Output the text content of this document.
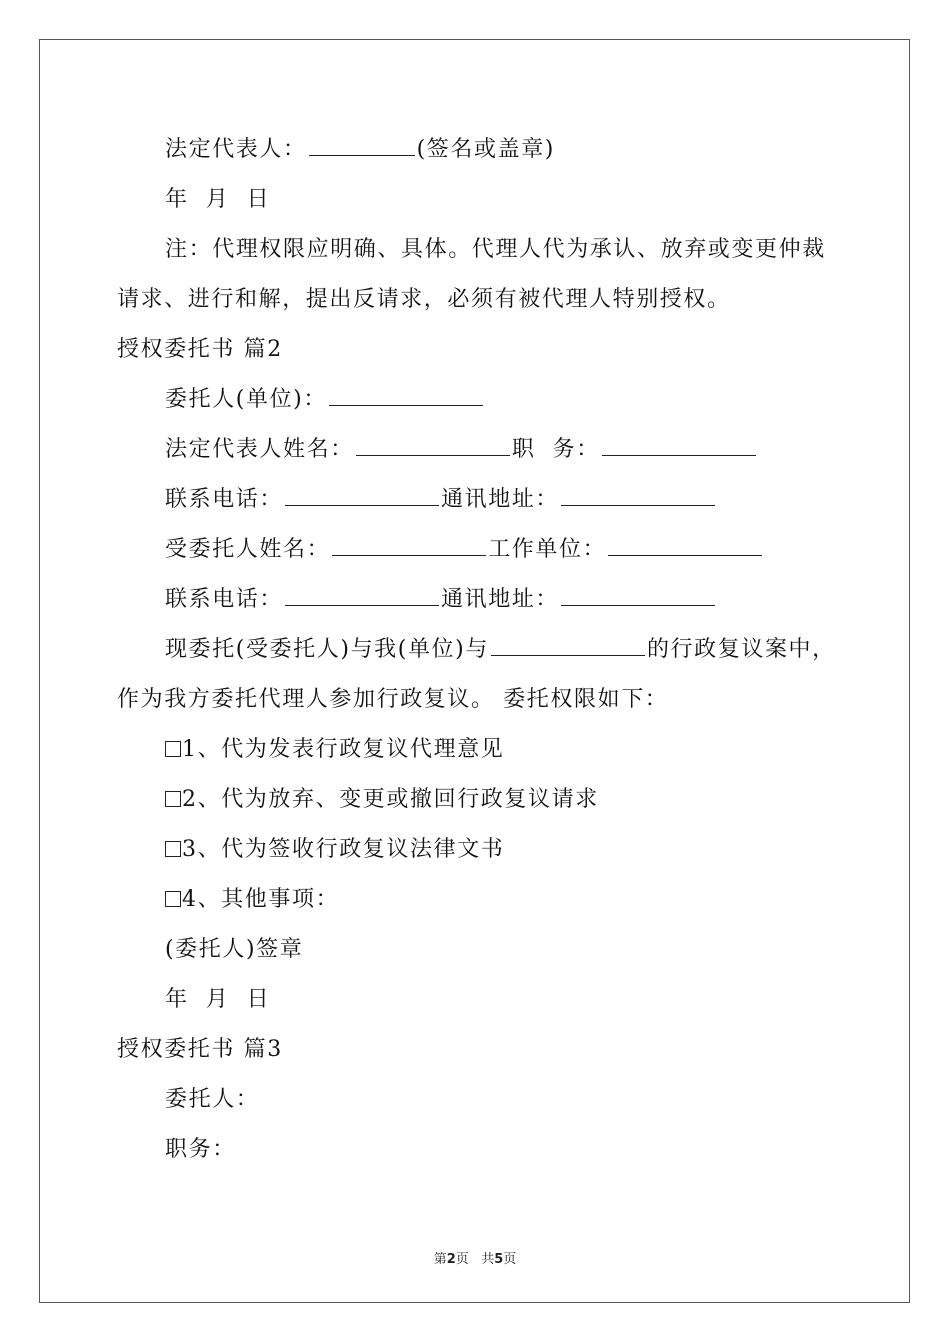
法定代表人：	(签名或盖章)
年  月  日
注：代理权限应明确、具体。代理人代为承认、放弃或变更仲裁
请求、进行和解，提出反请求，必须有被代理人特别授权。
授权委托书 篇2
委托人(单位)：
法定代表人姓名：	职  务：
联系电话：	通讯地址：
受委托人姓名：	工作单位：
联系电话：	通讯地址：
现委托(受委托人)与我(单位)与	的行政复议案中，
作为我方委托代理人参加行政复议。 委托权限如下：
1、代为发表行政复议代理意见
2、代为放弃、变更或撤回行政复议请求
3、代为签收行政复议法律文书
4、其他事项：
(委托人)签章
年  月  日
授权委托书 篇3
委托人：
职务：
第2页 共5页
